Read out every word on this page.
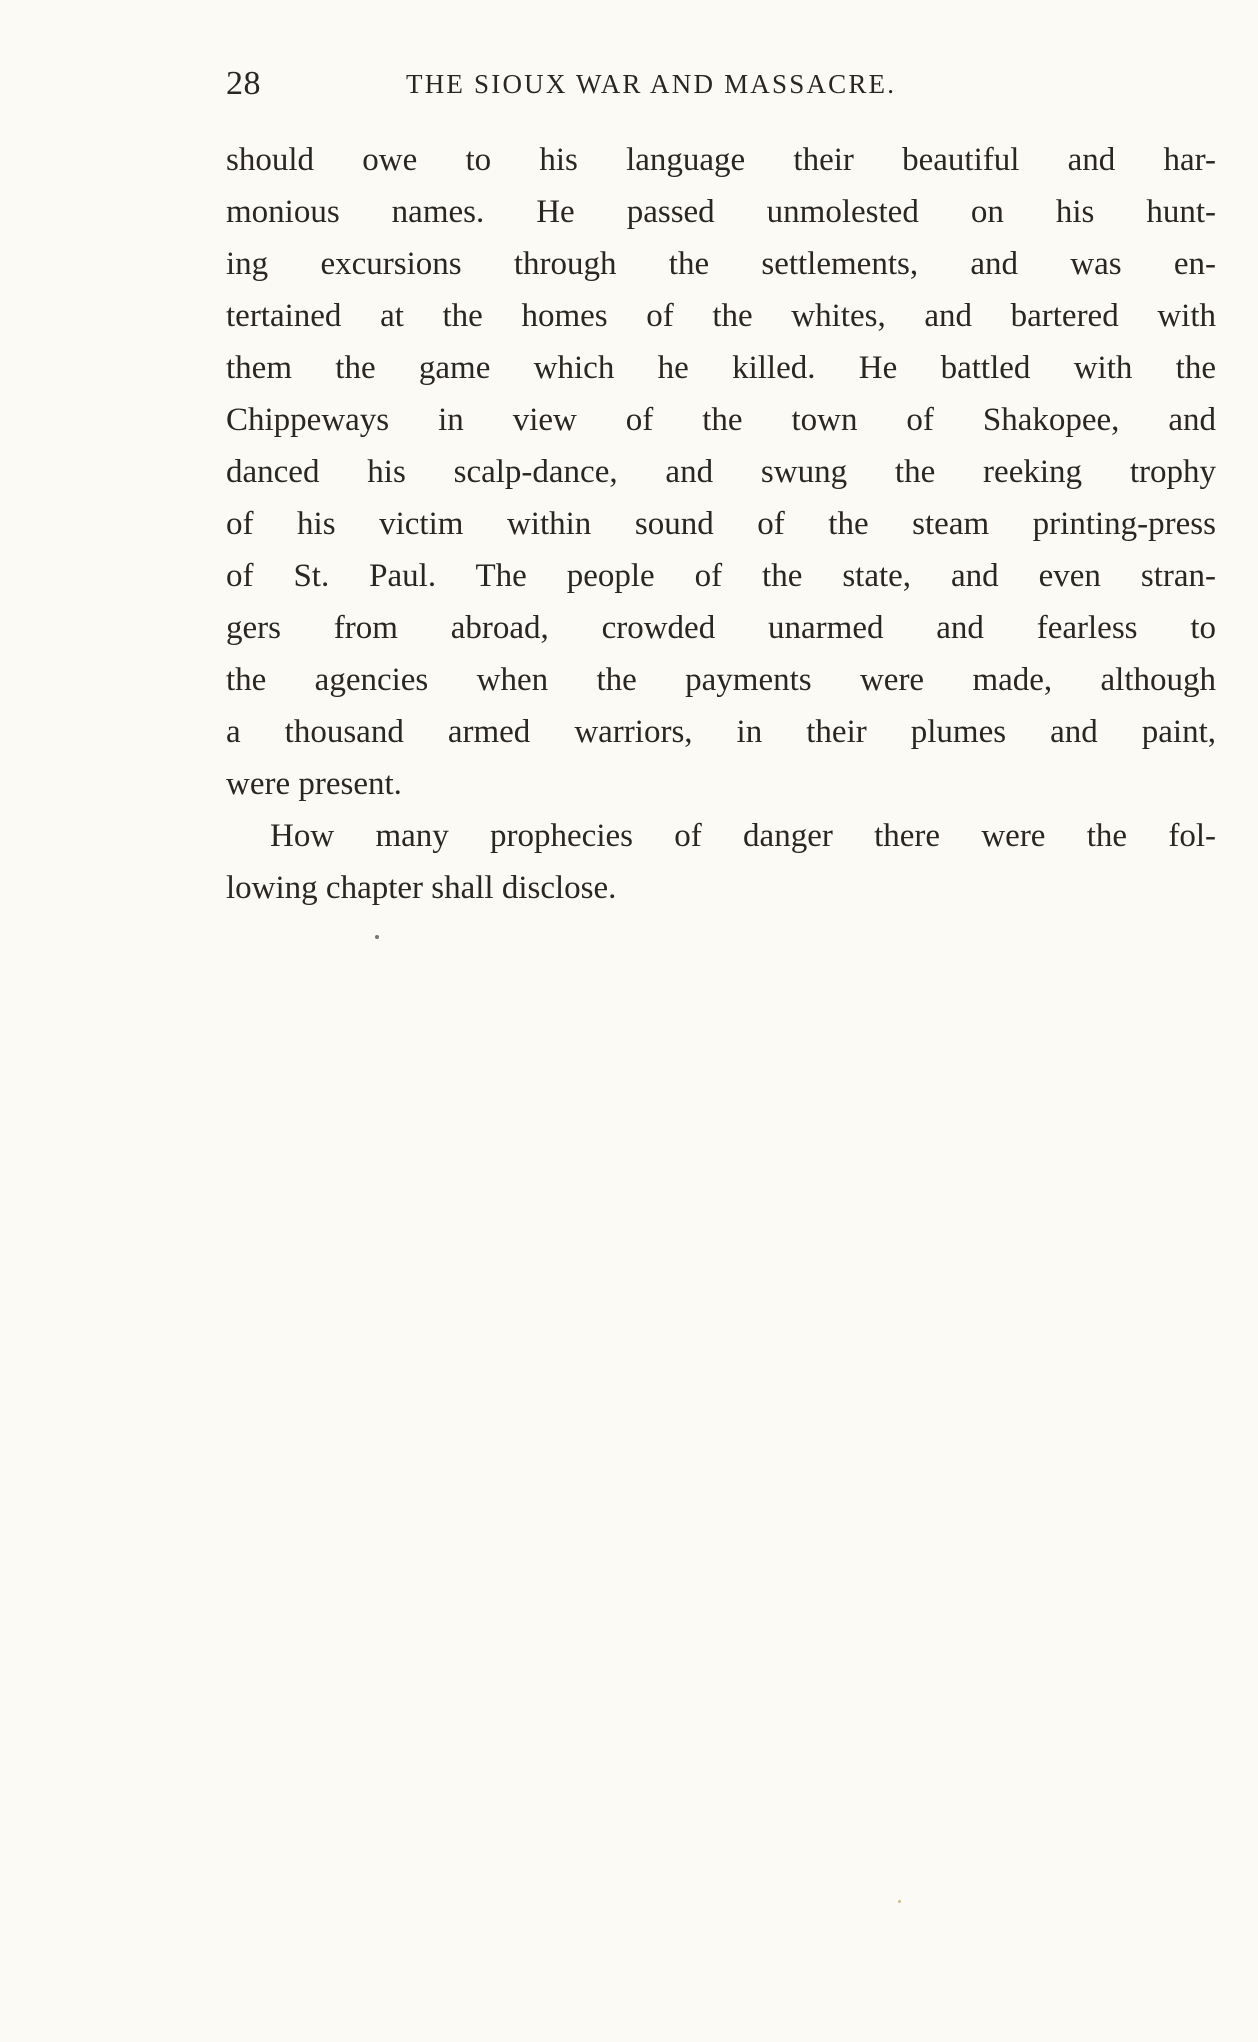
28	THE SIOUX WAR AND MASSACRE.
should owe to his language their beautiful and har-
monious names. He passed unmolested on his hunt-
ing excursions through the settlements, and was en-
tertained at the homes of the whites, and bartered with
them the game which he killed. He battled with the
Chippeways in view of the town of Shakopee, and
danced his scalp-dance, and swung the reeking trophy
of his victim within sound of the steam printing-press
of St. Paul. The people of the state, and even stran-
gers from abroad, crowded unarmed and fearless to
the agencies when the payments were made, although
a thousand armed warriors, in their plumes and paint,
were present.
How many prophecies of danger there were the fol-
lowing chapter shall disclose.
